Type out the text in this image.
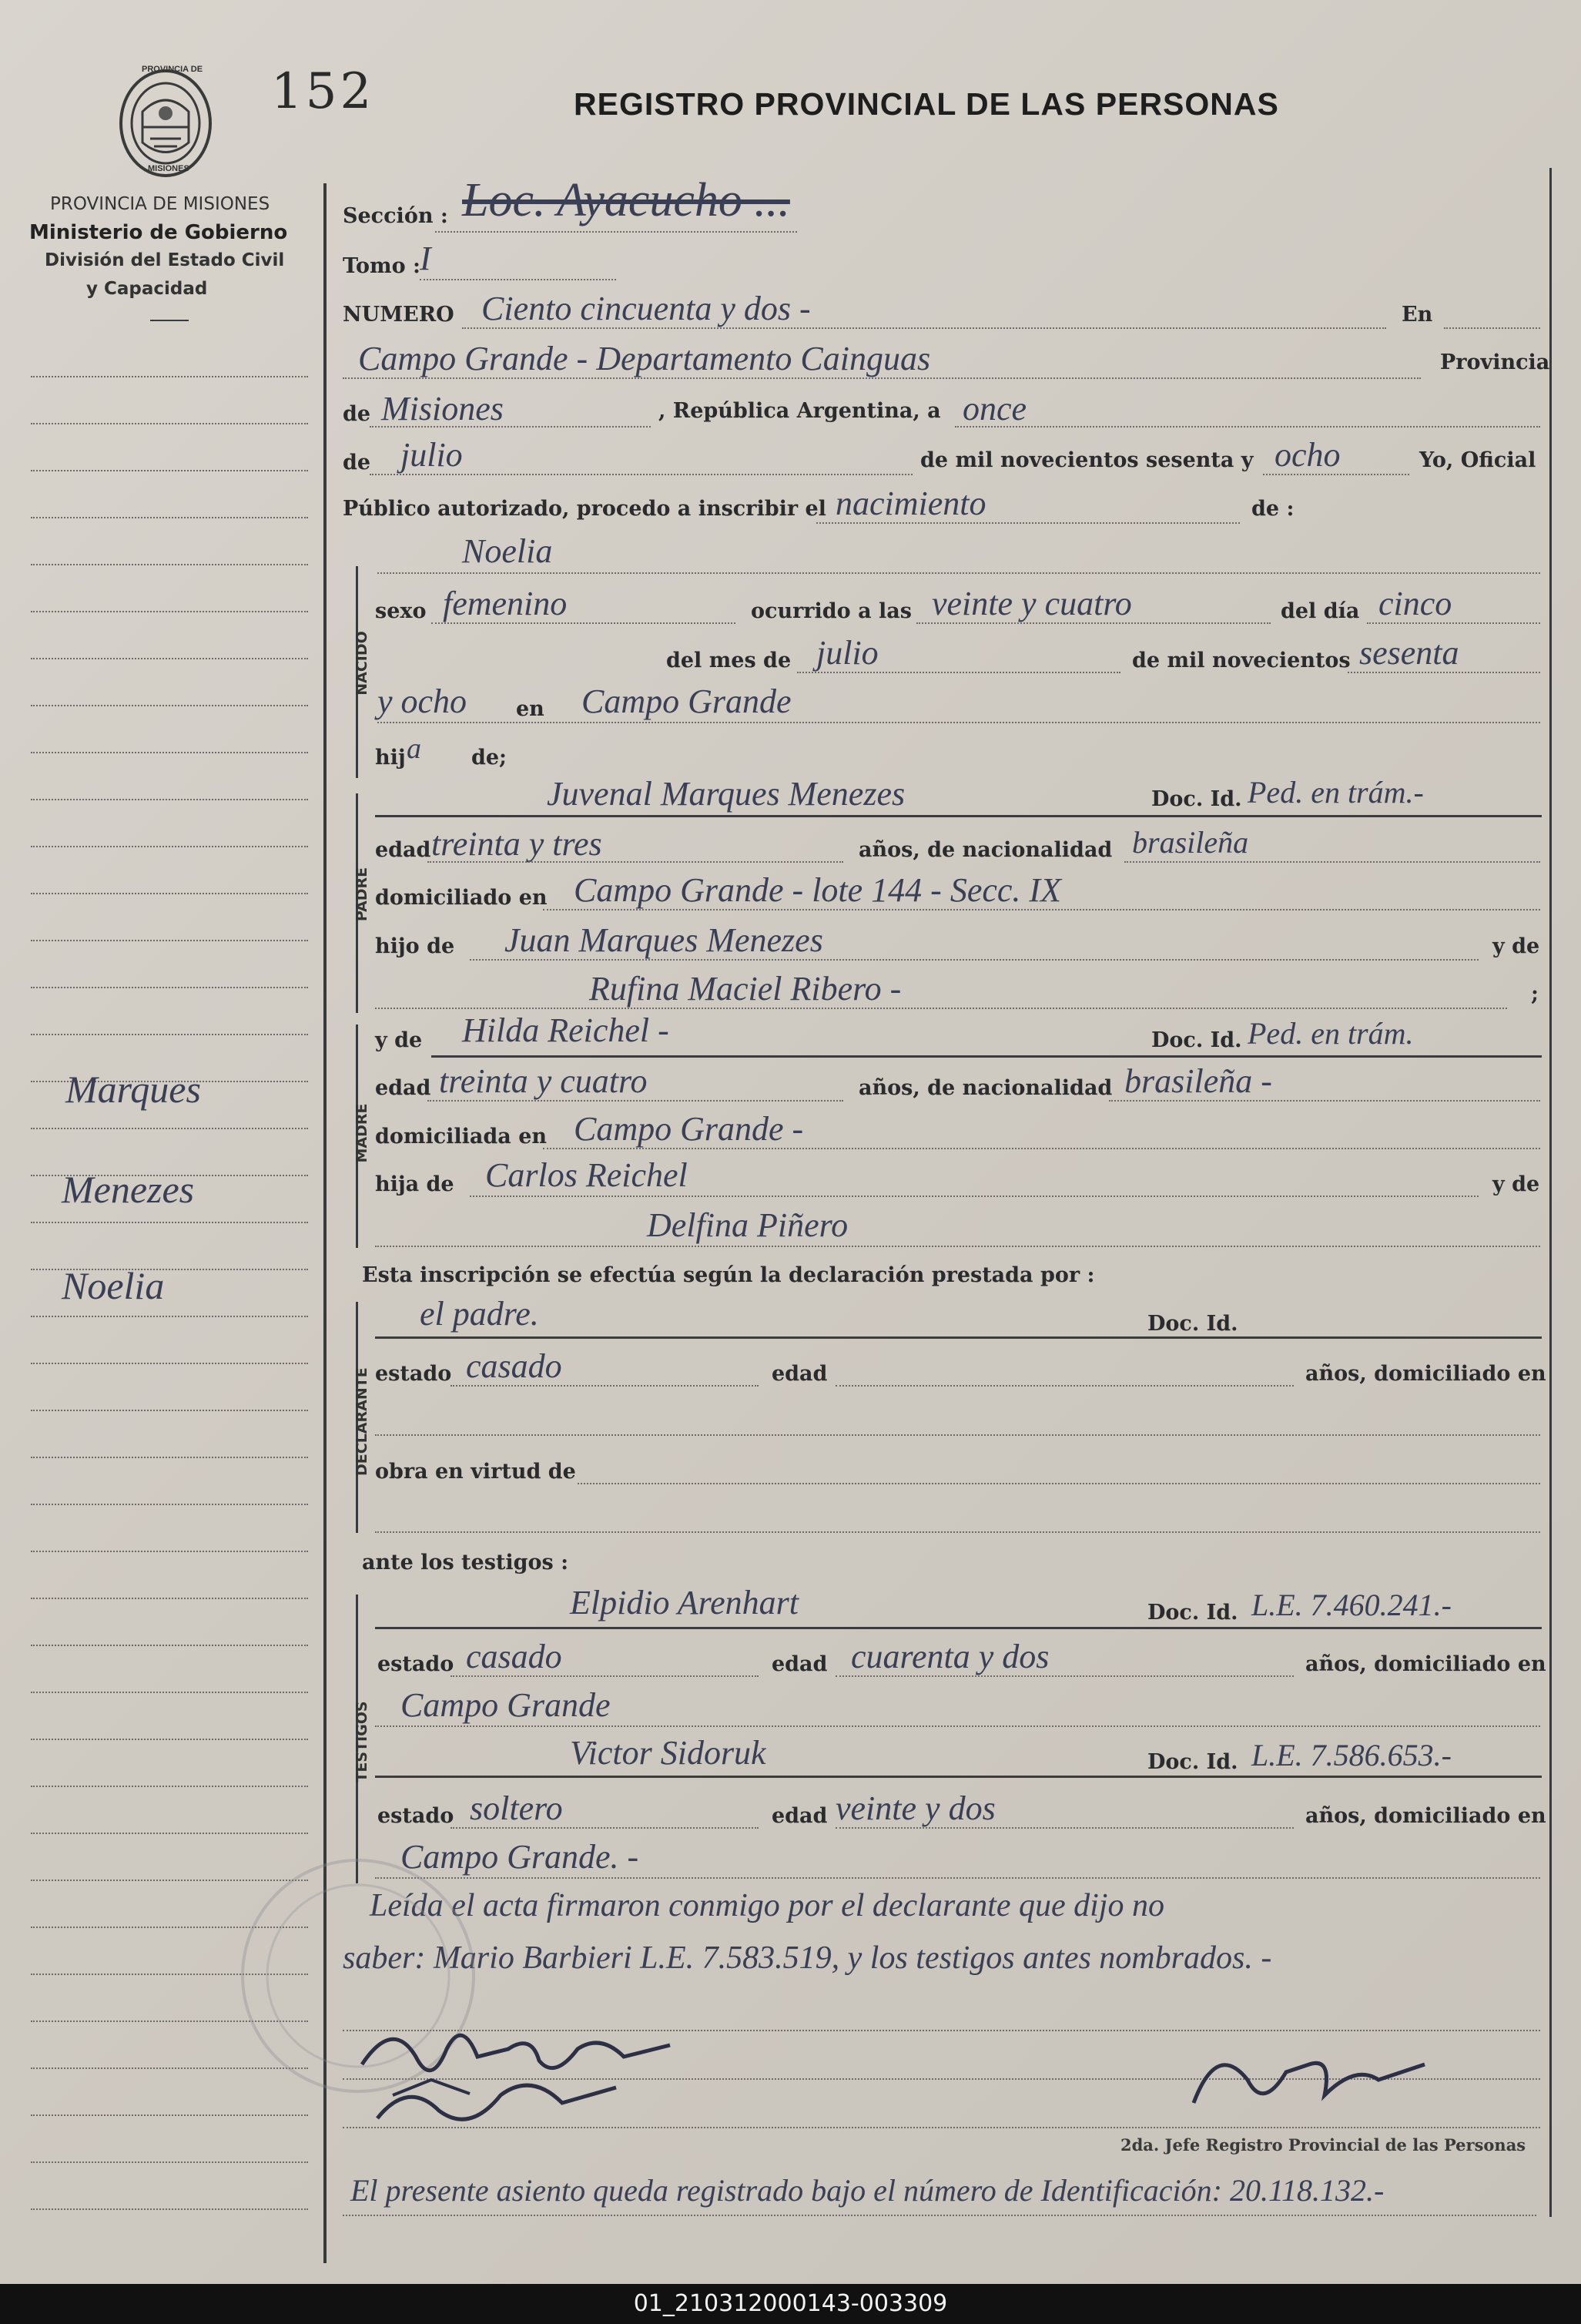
PROVINCIA DE
MISIONES
PROVINCIA DE MISIONES
Ministerio de Gobierno
División del Estado Civil
y Capacidad
152	REGISTRO PROVINCIAL DE LAS PERSONAS
Marques
Menezes
Noelia
Sección : Loc. Ayacucho ...
Tomo : I
NUMERO Ciento cincuenta y dos -	En
Campo Grande - Departamento Cainguas	Provincia
de Misiones	, República Argentina, a once
de julio	de mil novecientos sesenta y ocho	Yo, Oficial
Público autorizado, procedo a inscribir el nacimiento	de :
NACIDO
PADRE
MADRE
DECLARANTE
TESTIGOS
Noelia
sexo femenino	ocurrido a las veinte y cuatro	del día cinco
del mes de julio	de mil novecientos sesenta
y ocho en Campo Grande
hij a de;
Juvenal Marques Menezes	Doc. Id. Ped. en trám.-
edad treinta y tres	años, de nacionalidad brasileña
domiciliado en Campo Grande - lote 144 - Secc. IX
hijo de Juan Marques Menezes	y de
Rufina Maciel Ribero -	;
y de Hilda Reichel -	Doc. Id. Ped. en trám.
edad treinta y cuatro	años, de nacionalidad brasileña -
domiciliada en Campo Grande -
hija de Carlos Reichel	y de
Delfina Piñero
Esta inscripción se efectúa según la declaración prestada por :
el padre.	Doc. Id.
estado casado	edad	años, domiciliado en
obra en virtud de
ante los testigos :
Elpidio Arenhart	Doc. Id. L.E. 7.460.241.-
estado casado	edad cuarenta y dos	años, domiciliado en
Campo Grande
Victor Sidoruk	Doc. Id. L.E. 7.586.653.-
estado soltero	edad veinte y dos	años, domiciliado en
Campo Grande. -
Leída el acta firmaron conmigo por el declarante que dijo no
saber: Mario Barbieri L.E. 7.583.519, y los testigos antes nombrados. -
2da. Jefe Registro Provincial de las Personas
El presente asiento queda registrado bajo el número de Identificación: 20.118.132.-
01_210312000143-003309
